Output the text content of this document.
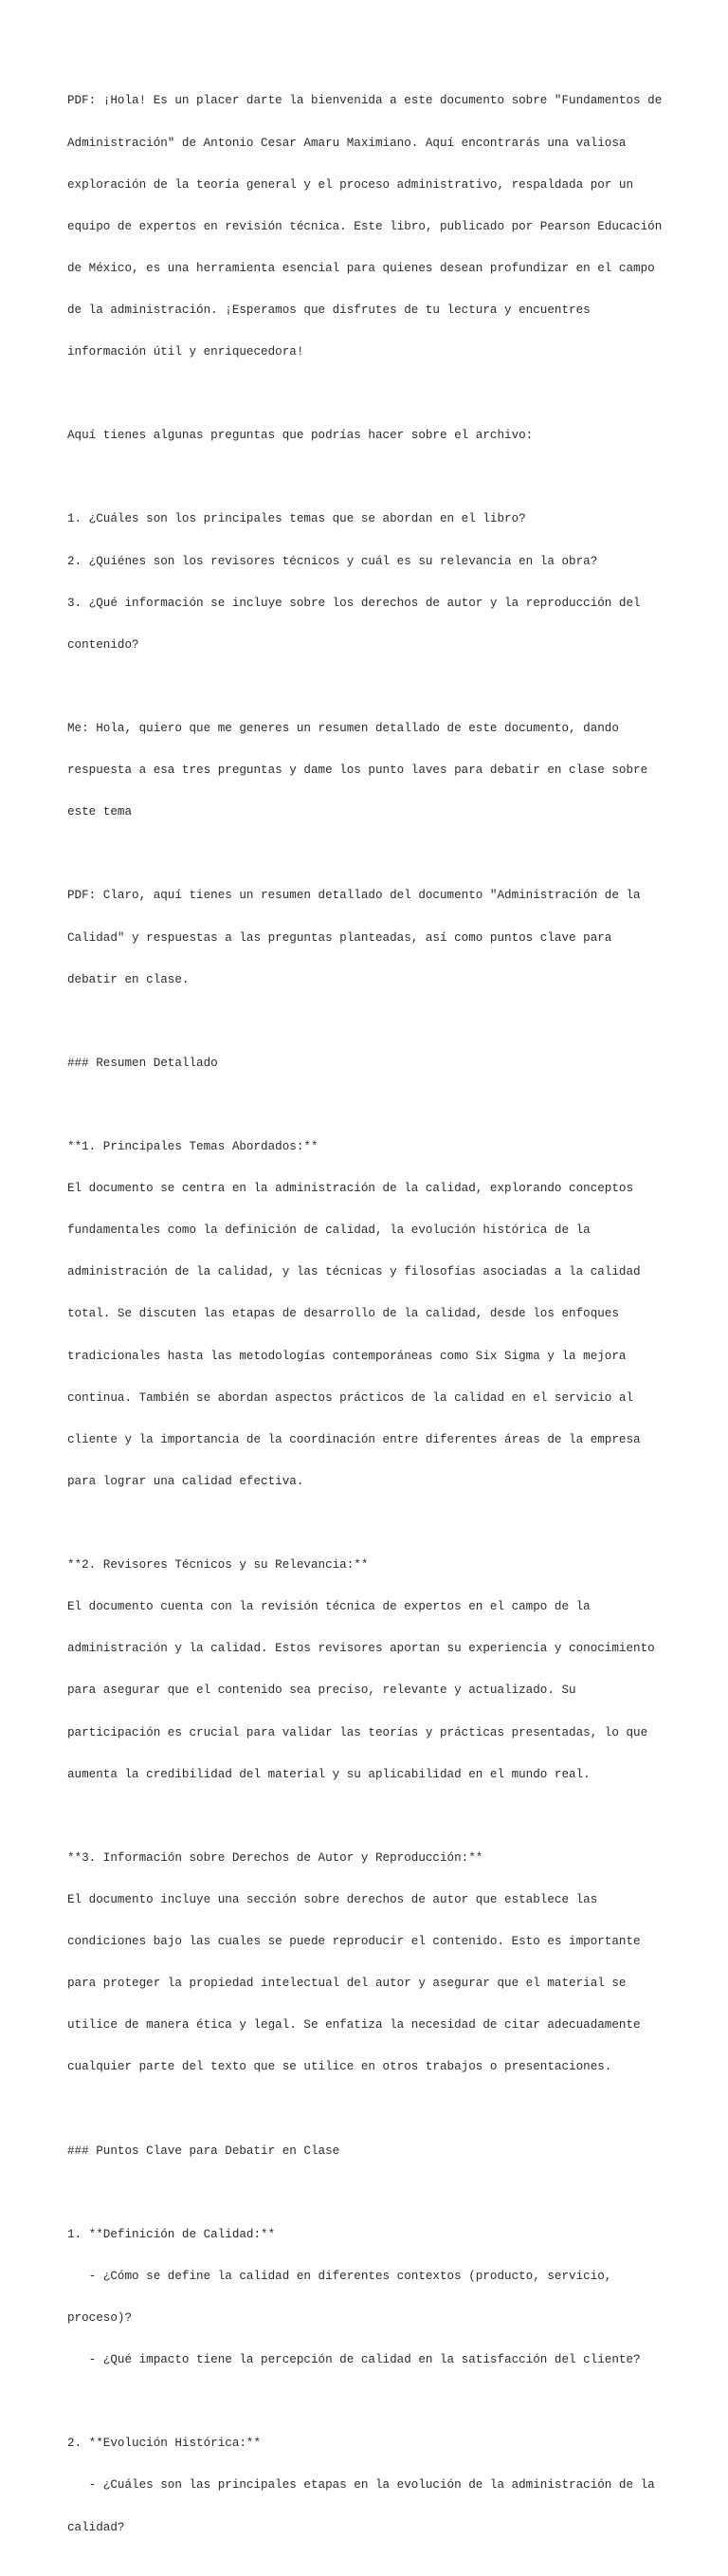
PDF: ¡Hola! Es un placer darte la bienvenida a este documento sobre "Fundamentos de

Administración" de Antonio Cesar Amaru Maximiano. Aquí encontrarás una valiosa

exploración de la teoría general y el proceso administrativo, respaldada por un

equipo de expertos en revisión técnica. Este libro, publicado por Pearson Educación

de México, es una herramienta esencial para quienes desean profundizar en el campo

de la administración. ¡Esperamos que disfrutes de tu lectura y encuentres

información útil y enriquecedora!

Aquí tienes algunas preguntas que podrías hacer sobre el archivo:

1. ¿Cuáles son los principales temas que se abordan en el libro?

2. ¿Quiénes son los revisores técnicos y cuál es su relevancia en la obra?

3. ¿Qué información se incluye sobre los derechos de autor y la reproducción del

contenido?

Me: Hola, quiero que me generes un resumen detallado de este documento, dando

respuesta a esa tres preguntas y dame los punto laves para debatir en clase sobre

este tema

PDF: Claro, aquí tienes un resumen detallado del documento "Administración de la

Calidad" y respuestas a las preguntas planteadas, así como puntos clave para

debatir en clase.

### Resumen Detallado

**1. Principales Temas Abordados:**

El documento se centra en la administración de la calidad, explorando conceptos

fundamentales como la definición de calidad, la evolución histórica de la

administración de la calidad, y las técnicas y filosofías asociadas a la calidad

total. Se discuten las etapas de desarrollo de la calidad, desde los enfoques

tradicionales hasta las metodologías contemporáneas como Six Sigma y la mejora

continua. También se abordan aspectos prácticos de la calidad en el servicio al

cliente y la importancia de la coordinación entre diferentes áreas de la empresa

para lograr una calidad efectiva.

**2. Revisores Técnicos y su Relevancia:**

El documento cuenta con la revisión técnica de expertos en el campo de la

administración y la calidad. Estos revisores aportan su experiencia y conocimiento

para asegurar que el contenido sea preciso, relevante y actualizado. Su

participación es crucial para validar las teorías y prácticas presentadas, lo que

aumenta la credibilidad del material y su aplicabilidad en el mundo real.

**3. Información sobre Derechos de Autor y Reproducción:**

El documento incluye una sección sobre derechos de autor que establece las

condiciones bajo las cuales se puede reproducir el contenido. Esto es importante

para proteger la propiedad intelectual del autor y asegurar que el material se

utilice de manera ética y legal. Se enfatiza la necesidad de citar adecuadamente

cualquier parte del texto que se utilice en otros trabajos o presentaciones.

### Puntos Clave para Debatir en Clase

1. **Definición de Calidad:**

- ¿Cómo se define la calidad en diferentes contextos (producto, servicio,

proceso)?

- ¿Qué impacto tiene la percepción de calidad en la satisfacción del cliente?

2. **Evolución Histórica:**

- ¿Cuáles son las principales etapas en la evolución de la administración de la

calidad?
